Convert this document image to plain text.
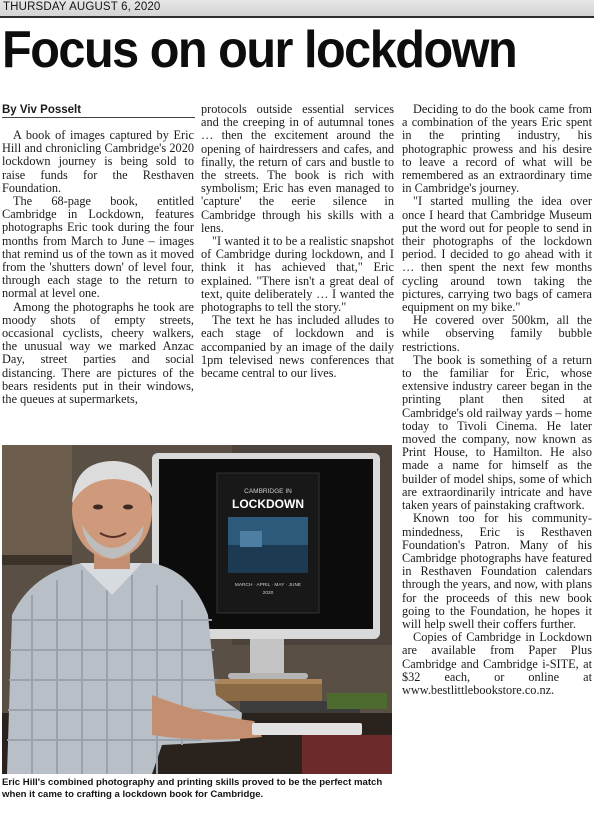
THURSDAY AUGUST 6, 2020
Focus on our lockdown
By Viv Posselt

A book of images captured by Eric Hill and chronicling Cambridge's 2020 lockdown journey is being sold to raise funds for the Resthaven Foundation.

The 68-page book, entitled Cambridge in Lockdown, features photographs Eric took during the four months from March to June – images that remind us of the town as it moved from the 'shutters down' of level four, through each stage to the return to normal at level one.

Among the photographs he took are moody shots of empty streets, occasional cyclists, cheery walkers, the unusual way we marked Anzac Day, street parties and social distancing. There are pictures of the bears residents put in their windows, the queues at supermarkets,

protocols outside essential services and the creeping in of autumnal tones … then the excitement around the opening of hairdressers and cafes, and finally, the return of cars and bustle to the streets. The book is rich with symbolism; Eric has even managed to 'capture' the eerie silence in Cambridge through his skills with a lens.

"I wanted it to be a realistic snapshot of Cambridge during lockdown, and I think it has achieved that," Eric explained. "There isn't a great deal of text, quite deliberately … I wanted the photographs to tell the story."

The text he has included alludes to each stage of lockdown and is accompanied by an image of the daily 1pm televised news conferences that became central to our lives.

Deciding to do the book came from a combination of the years Eric spent in the printing industry, his photographic prowess and his desire to leave a record of what will be remembered as an extraordinary time in Cambridge's journey.

"I started mulling the idea over once I heard that Cambridge Museum put the word out for people to send in their photographs of the lockdown period. I decided to go ahead with it … then spent the next few months cycling around town taking the pictures, carrying two bags of camera equipment on my bike."

He covered over 500km, all the while observing family bubble restrictions.

The book is something of a return to the familiar for Eric, whose extensive industry career began in the printing plant then sited at Cambridge's old railway yards – home today to Tivoli Cinema. He later moved the company, now known as Print House, to Hamilton. He also made a name for himself as the builder of model ships, some of which are extraordinarily intricate and have taken years of painstaking craftwork.

Known too for his community-mindedness, Eric is Resthaven Foundation's Patron. Many of his Cambridge photographs have featured in Resthaven Foundation calendars through the years, and now, with plans for the proceeds of this new book going to the Foundation, he hopes it will help swell their coffers further.

Copies of Cambridge in Lockdown are available from Paper Plus Cambridge and Cambridge i-SITE, at $32 each, or online at www.bestlittlebookstore.co.nz.

CAMBRIDGE IN
LOCKDOWN
MARCH · APRIL · MAY · JUNE
2020
Eric Hill's combined photography and printing skills proved to be the perfect match when it came to crafting a lockdown book for Cambridge.
